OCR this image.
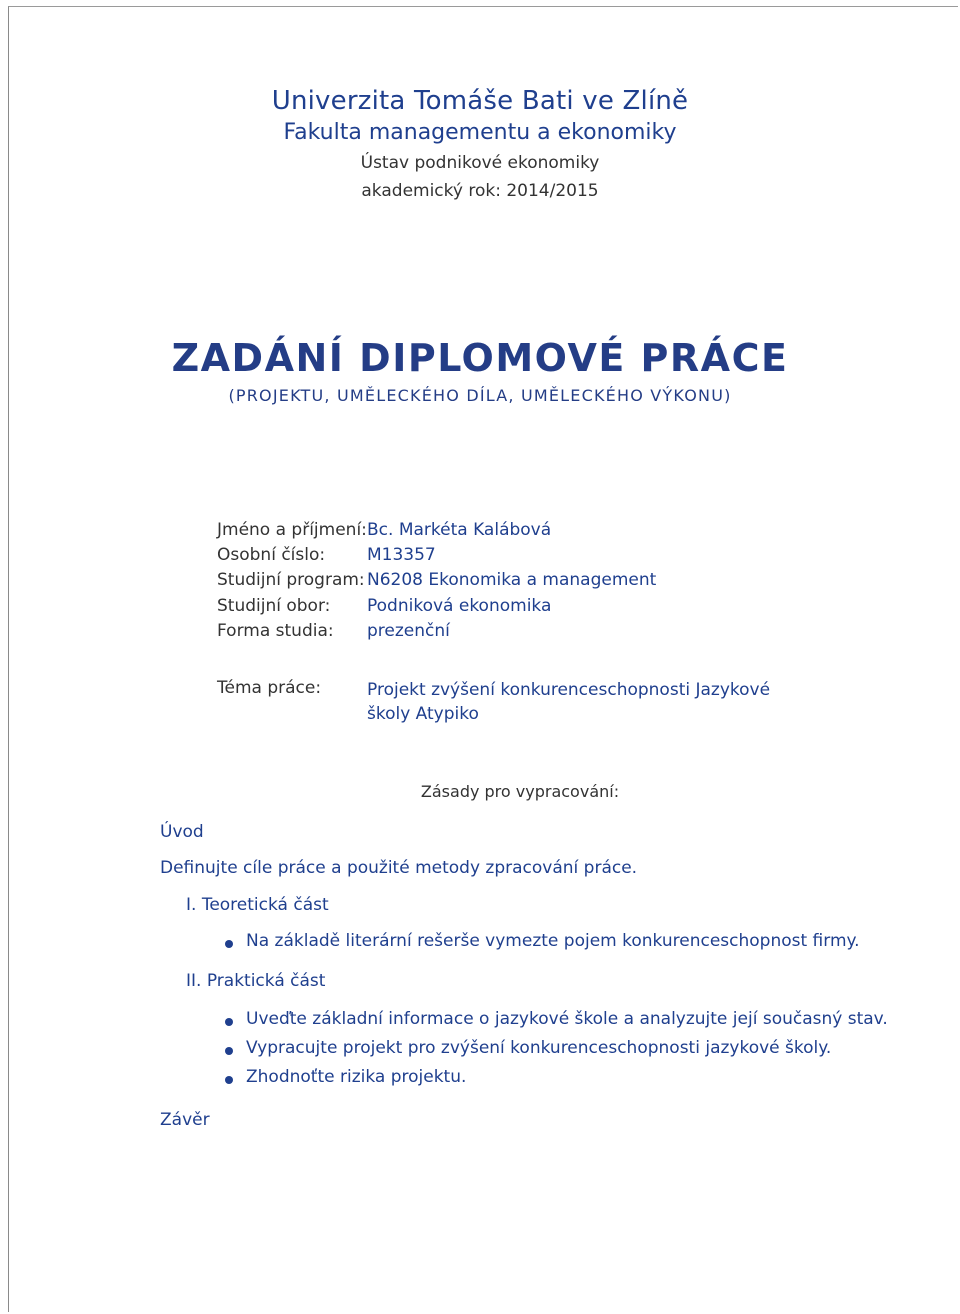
Univerzita Tomáše Bati ve Zlíně
Fakulta managementu a ekonomiky
Ústav podnikové ekonomiky
akademický rok: 2014/2015
ZADÁNÍ DIPLOMOVÉ PRÁCE
(PROJEKTU, UMĚLECKÉHO DÍLA, UMĚLECKÉHO VÝKONU)
Jméno a příjmení: Bc. Markéta Kalábová
Osobní číslo: M13357
Studijní program: N6208 Ekonomika a management
Studijní obor: Podniková ekonomika
Forma studia: prezenční
Téma práce:	Projekt zvýšení konkurenceschopnosti Jazykové školy Atypiko
Zásady pro vypracování:
Úvod
Definujte cíle práce a použité metody zpracování práce.
I. Teoretická část
Na základě literární rešerše vymezte pojem konkurenceschopnost firmy.
II. Praktická část
Uveďte základní informace o jazykové škole a analyzujte její současný stav.
Vypracujte projekt pro zvýšení konkurenceschopnosti jazykové školy.
Zhodnoťte rizika projektu.
Závěr
